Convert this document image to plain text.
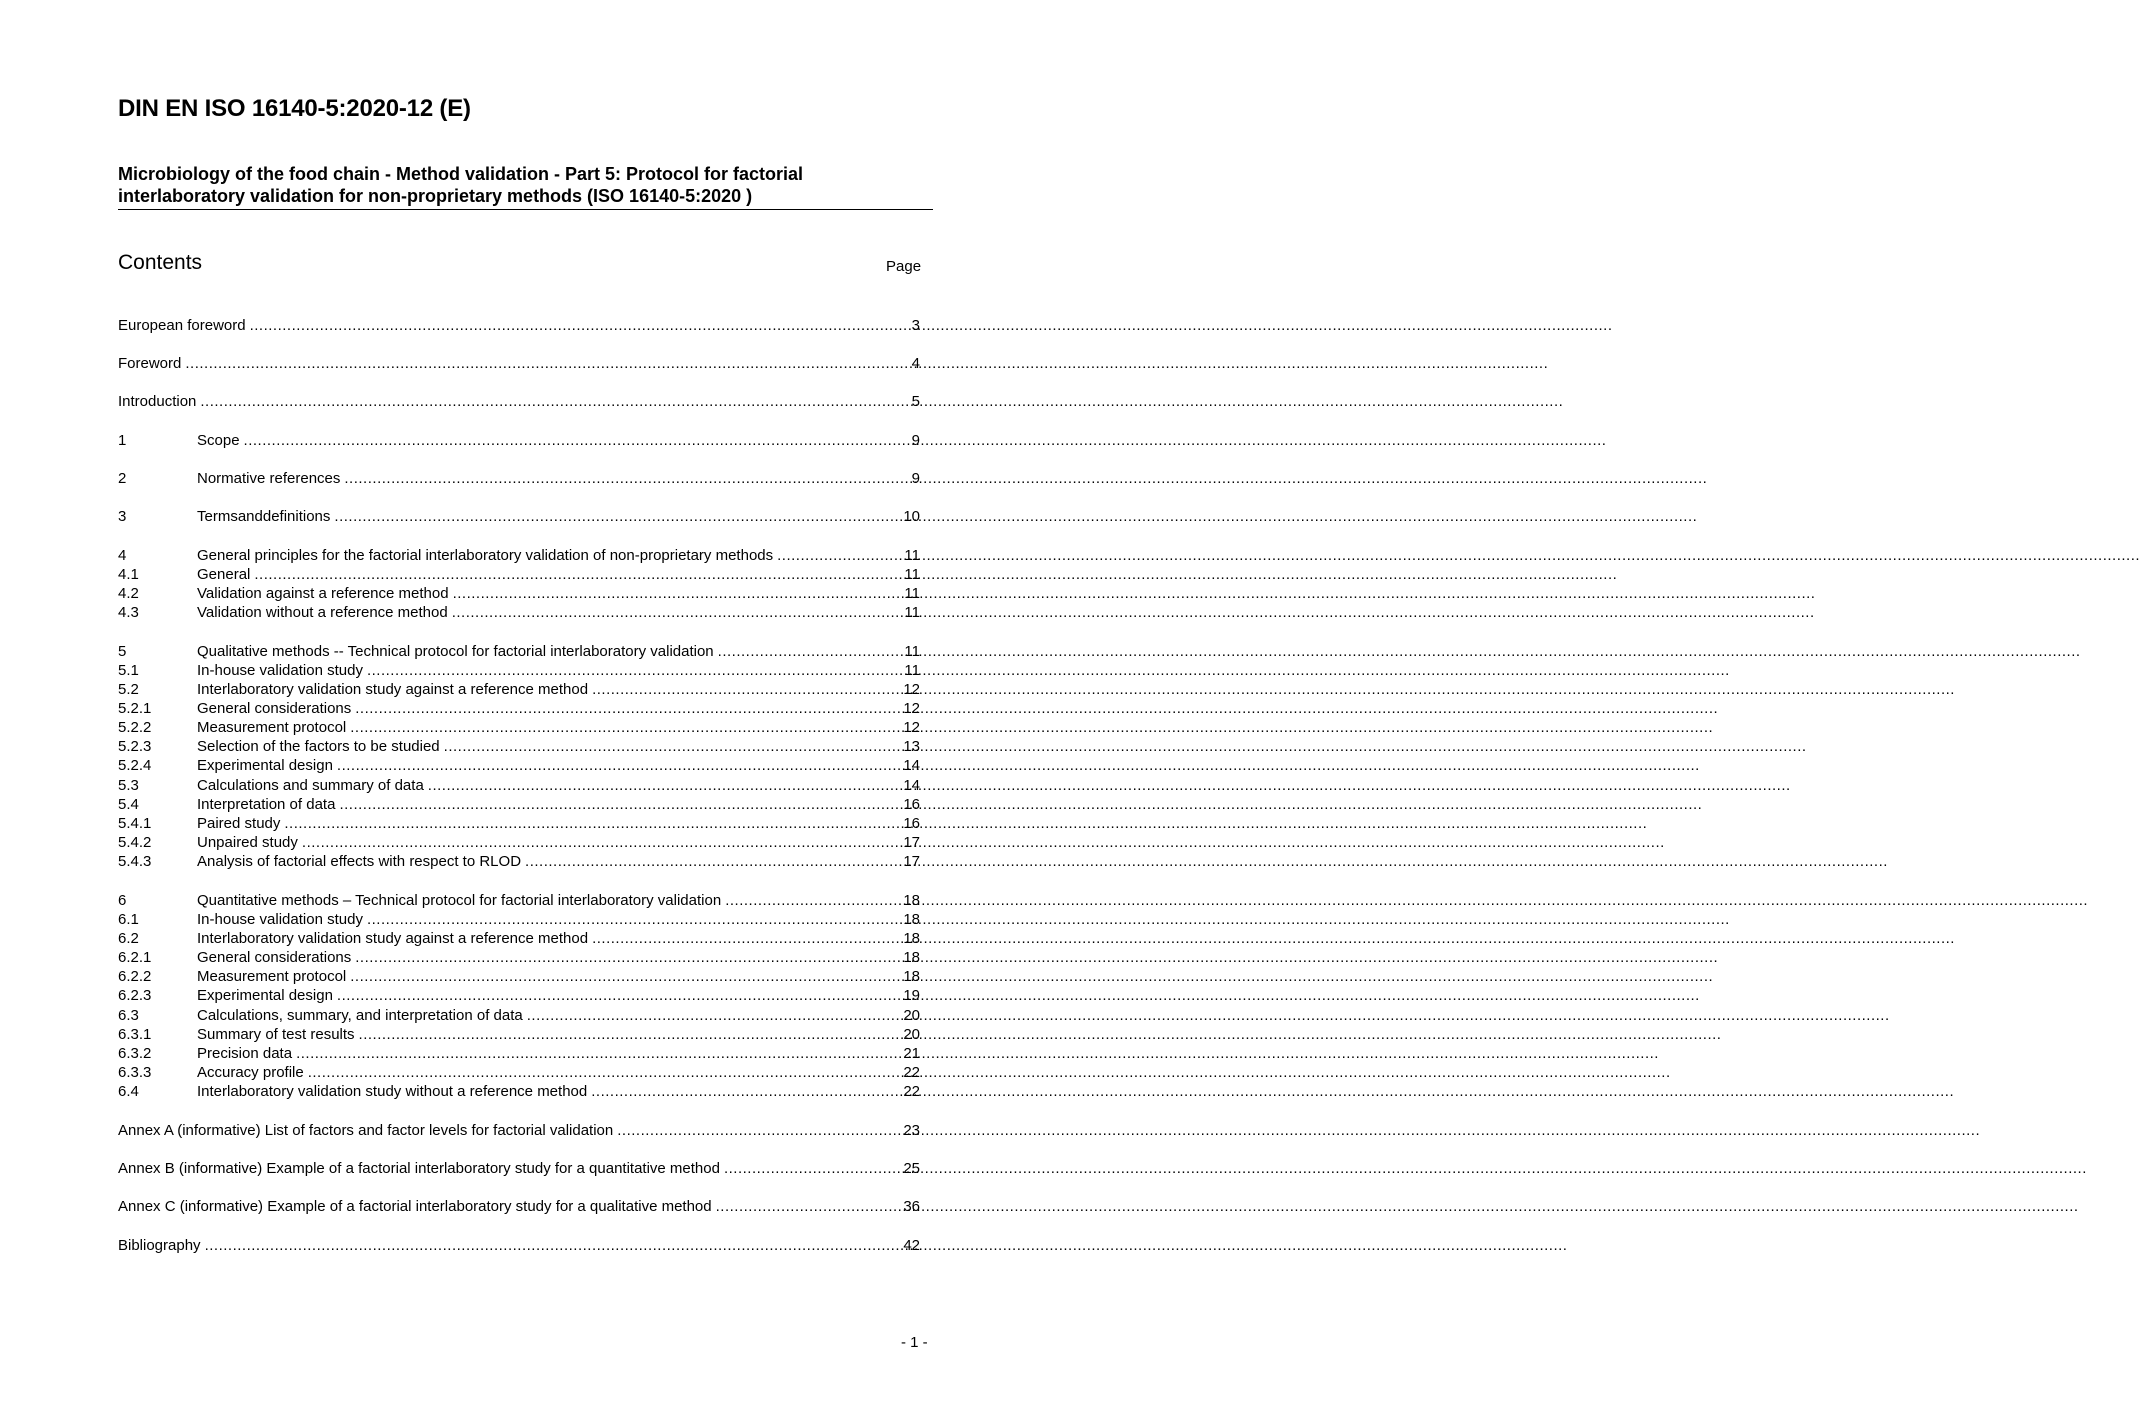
DIN EN ISO 16140-5:2020-12 (E)
Microbiology of the food chain - Method validation - Part 5: Protocol for factorial
interlaboratory validation for non-proprietary methods (ISO 16140-5:2020 )
Contents	Page
European foreword .....	3
Foreword .....	4
Introduction .....	5
1	Scope .....	9
2	Normative references .....	9
3	Termsanddefinitions .....	10
4	General principles for the factorial interlaboratory validation of non-proprietary methods .....	11
4.1	General .....	11
4.2	Validation against a reference method .....	11
4.3	Validation without a reference method .....	11
5	Qualitative methods -- Technical protocol for factorial interlaboratory validation .....	11
5.1	In-house validation study .....	11
5.2	Interlaboratory validation study against a reference method .....	12
5.2.1	General considerations .....	12
5.2.2	Measurement protocol .....	12
5.2.3	Selection of the factors to be studied .....	13
5.2.4	Experimental design .....	14
5.3	Calculations and summary of data .....	14
5.4	Interpretation of data .....	16
5.4.1	Paired study .....	16
5.4.2	Unpaired study .....	17
5.4.3	Analysis of factorial effects with respect to RLOD .....	17
6	Quantitative methods – Technical protocol for factorial interlaboratory validation .....	18
6.1	In-house validation study .....	18
6.2	Interlaboratory validation study against a reference method .....	18
6.2.1	General considerations .....	18
6.2.2	Measurement protocol .....	18
6.2.3	Experimental design .....	19
6.3	Calculations, summary, and interpretation of data .....	20
6.3.1	Summary of test results .....	20
6.3.2	Precision data .....	21
6.3.3	Accuracy profile .....	22
6.4	Interlaboratory validation study without a reference method .....	22
Annex A (informative) List of factors and factor levels for factorial validation .....	23
Annex B (informative) Example of a factorial interlaboratory study for a quantitative method .....	25
Annex C (informative) Example of a factorial interlaboratory study for a qualitative method .....	36
Bibliography .....	42
- 1 -
